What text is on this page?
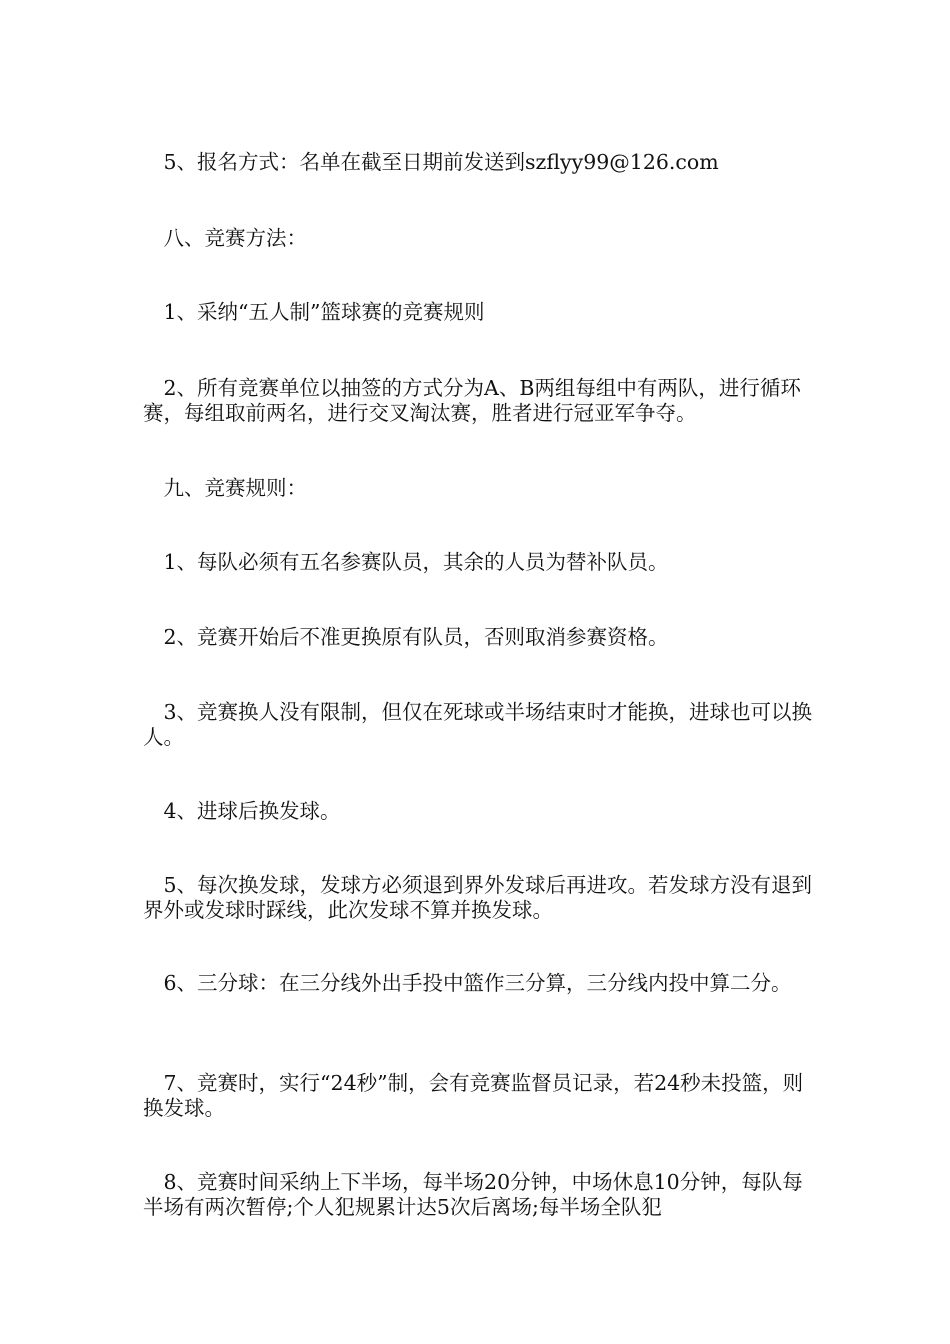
　5、报名方式：名单在截至日期前发送到szflyy99@126.com

　八、竞赛方法：

　1、采纳“五人制”篮球赛的竞赛规则

　2、所有竞赛单位以抽签的方式分为A、B两组每组中有两队，进行循环赛，每组取前两名，进行交叉淘汰赛，胜者进行冠亚军争夺。

　九、竞赛规则：

　1、每队必须有五名参赛队员，其余的人员为替补队员。

　2、竞赛开始后不准更换原有队员，否则取消参赛资格。

　3、竞赛换人没有限制，但仅在死球或半场结束时才能换，进球也可以换人。

　4、进球后换发球。

　5、每次换发球，发球方必须退到界外发球后再进攻。若发球方没有退到界外或发球时踩线，此次发球不算并换发球。

　6、三分球：在三分线外出手投中篮作三分算，三分线内投中算二分。

　7、竞赛时，实行“24秒”制，会有竞赛监督员记录，若24秒未投篮，则换发球。

　8、竞赛时间采纳上下半场，每半场20分钟，中场休息10分钟，每队每半场有两次暂停;个人犯规累计达5次后离场;每半场全队犯
